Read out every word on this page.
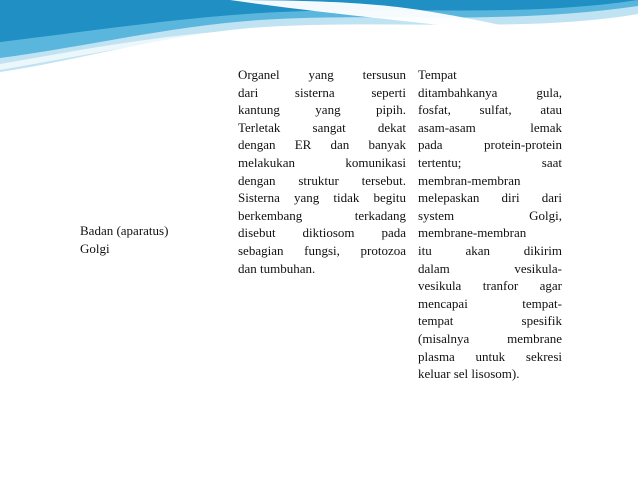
Badan (aparatus)
Golgi
Organel yang tersusun
dari sisterna seperti
kantung yang pipih.
Terletak sangat dekat
dengan ER dan banyak
melakukan komunikasi
dengan struktur tersebut.
Sisterna yang tidak begitu
berkembang terkadang
disebut diktiosom pada
sebagian fungsi, protozoa
dan tumbuhan.
Tempat
ditambahkanya gula,
fosfat, sulfat, atau
asam-asam lemak
pada protein-protein
tertentu; saat
membran-membran
melepaskan diri dari
system Golgi,
membrane-membran
itu akan dikirim
dalam vesikula-
vesikula tranfor agar
mencapai tempat-
tempat spesifik
(misalnya membrane
plasma untuk sekresi
keluar sel lisosom).
